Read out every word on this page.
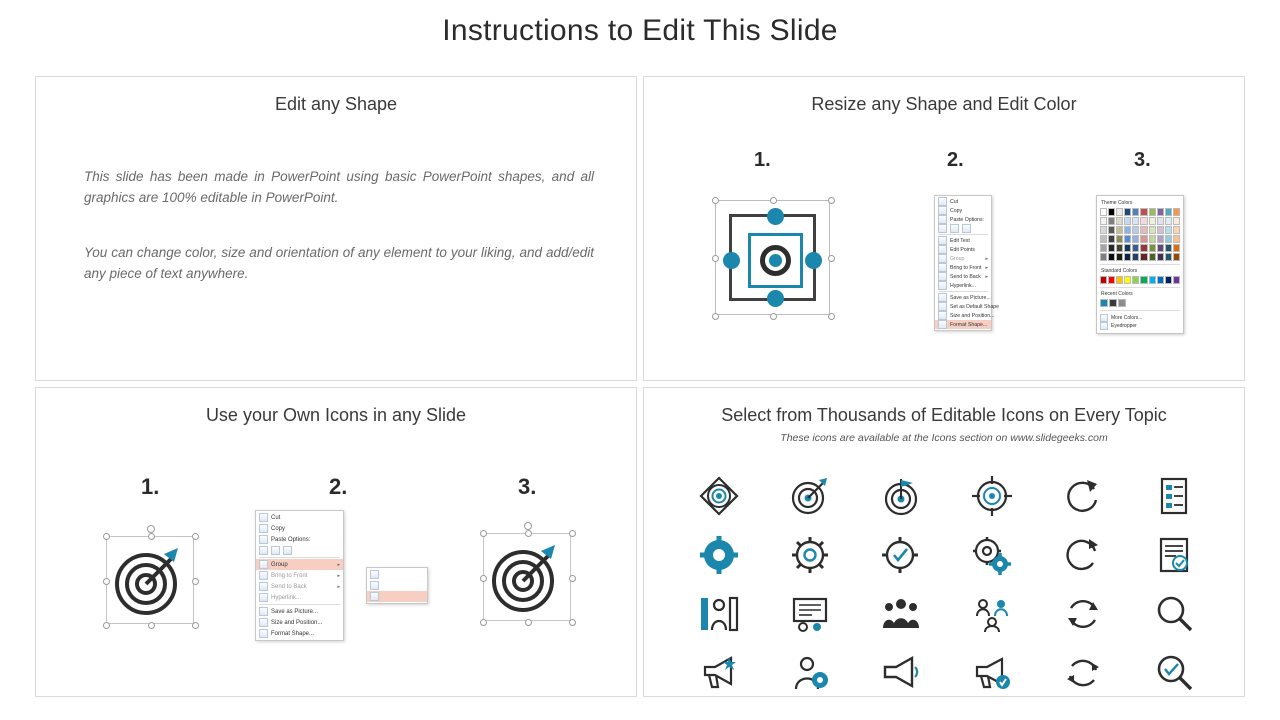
Instructions to Edit This Slide
Edit any Shape
This slide has been made in PowerPoint using basic PowerPoint shapes, and all graphics are 100% editable in PowerPoint.
You can change color, size and orientation of any element to your liking, and add/edit any piece of text anywhere.
Resize any Shape and Edit Color
1.	2.	3.
Cut
Copy
Paste Options:
Edit Text
Edit Points
Group	▸
Bring to Front ▸
Send to Back ▸
Hyperlink...
Save as Picture...
Set as Default Shape
Size and Position...
Format Shape...
Theme Colors
Standard Colors
Recent Colors
More Colors...
Eyedropper
Use your Own Icons in any Slide
1.	2.	3.
Cut
Copy
Paste Options:
Group	▸
Bring to Front	▸
Send to Back	▸
Hyperlink...
Save as Picture...
Size and Position...
Format Shape...
Select from Thousands of Editable Icons on Every Topic
These icons are available at the Icons section on www.slidegeeks.com
